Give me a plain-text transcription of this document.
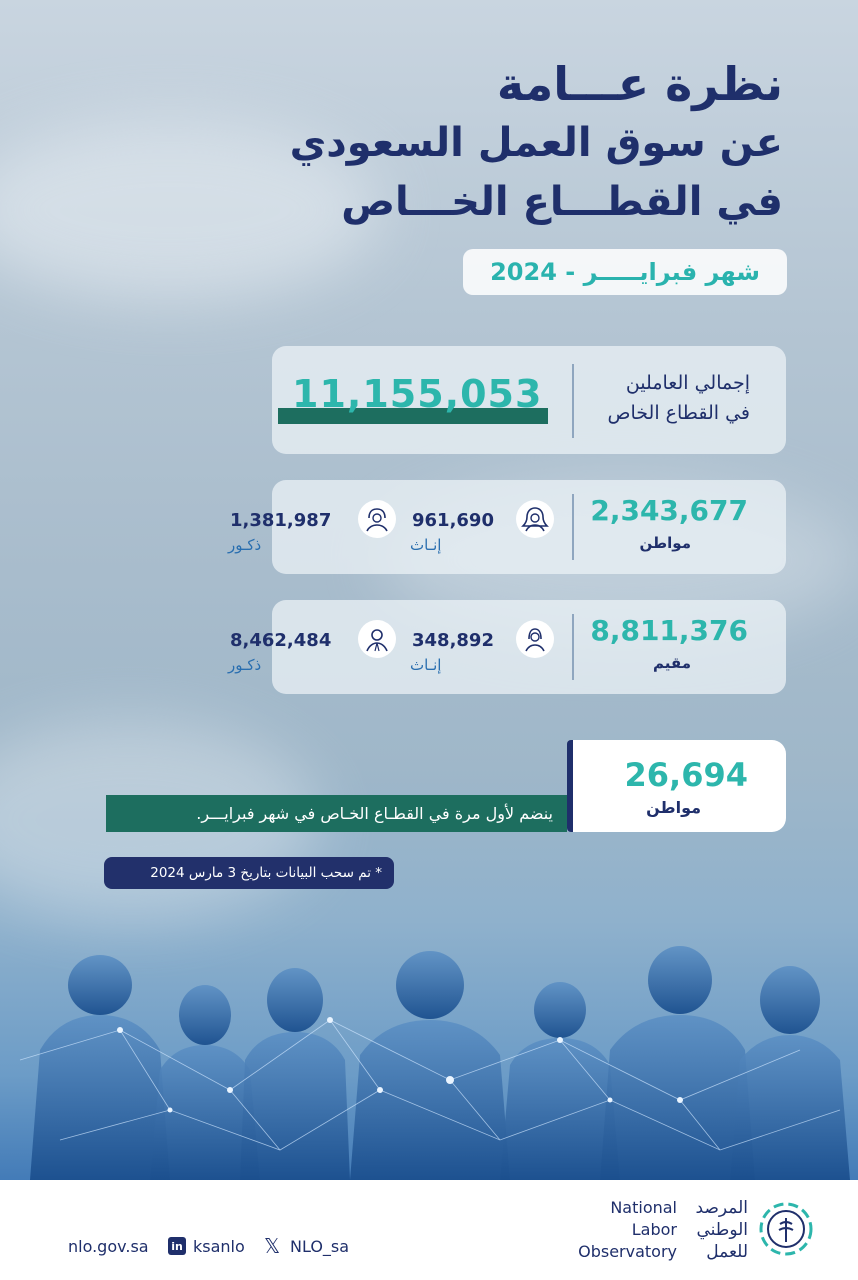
نظرة عـــامة
عن سوق العمل السعودي
في القطـــاع الخـــاص
شهر فبرايـــــر - 2024
إجمالي العاملين
في القطاع الخاص
11,155,053
2,343,677
مواطن
961,690
إنـاث
1,381,987
ذكـور
8,811,376
مقيم
348,892
إنـاث
8,462,484
ذكـور
26,694
مواطن
ينضم لأول مرة في القطـاع الخـاص في شهر فبرايـــر.
* تم سحب البيانات بتاريخ 3 مارس 2024
nlo.gov.sa in ksanlo 𝕏 NLO_sa
National
Labor
Observatory
المرصد
الوطني
للعمل
